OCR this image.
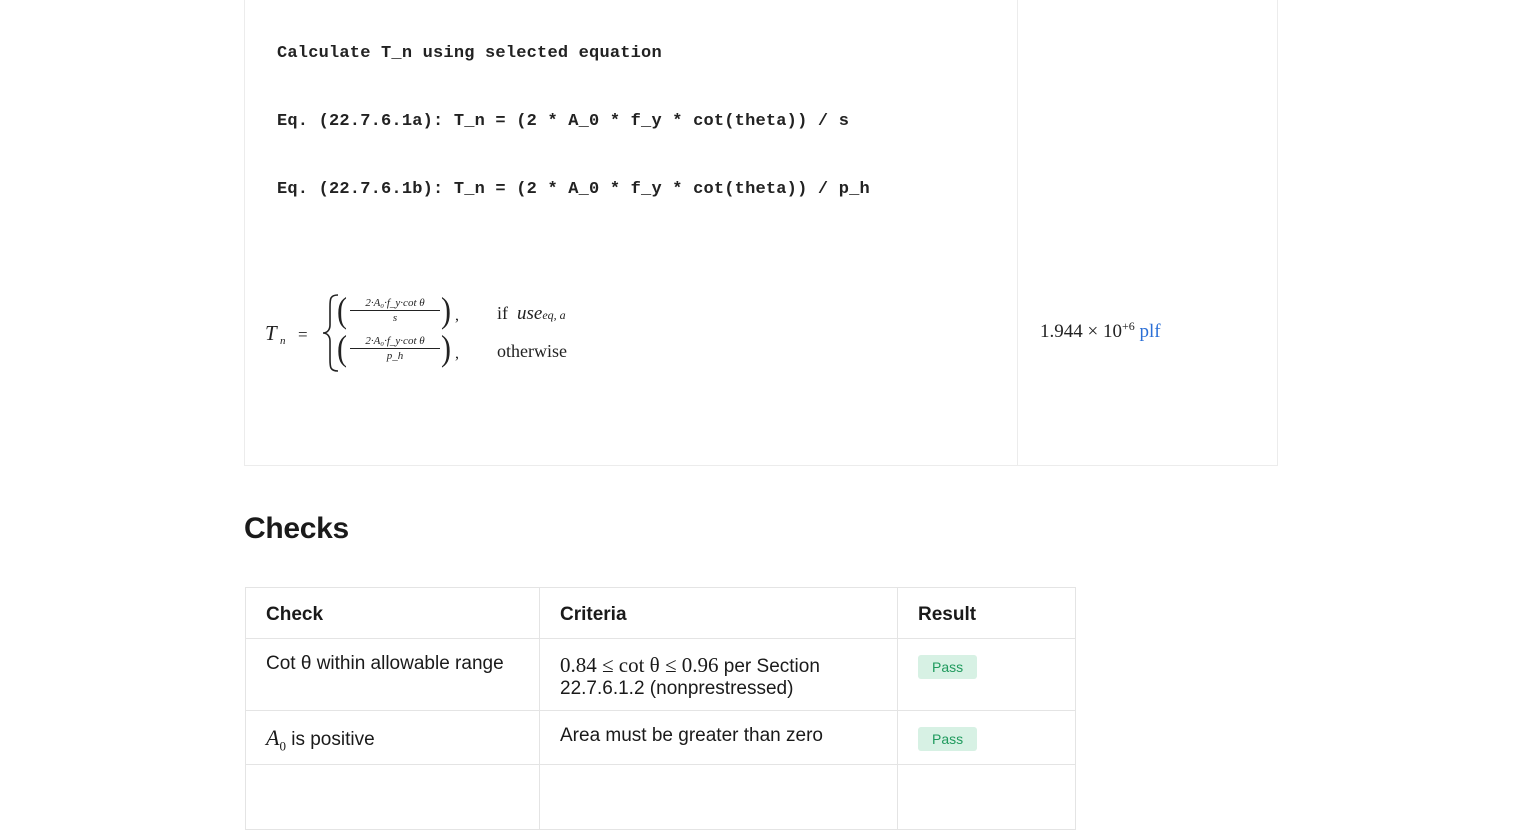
Calculate T_n using selected equation
Eq. (22.7.6.1a): T_n = (2 * A_0 * f_y * cot(theta)) / s
Eq. (22.7.6.1b): T_n = (2 * A_0 * f_y * cot(theta)) / p_h
T n =
( $\frac{\text{2·A₀·f\_y·cot θ}}{s}$ ) , if useeq, a
( $\frac{\text{2·A₀·f\_y·cot θ}}{p\_h}$ ) , otherwise
$1.944 \times 10^{+6}$ plf
Checks
Check	Criteria	Result
Cot θ within allowable range	0.84 ≤ cot θ ≤ 0.96 per Section 22.7.6.1.2 (nonprestressed)	Pass
$A_0$ is positive	Area must be greater than zero	Pass
